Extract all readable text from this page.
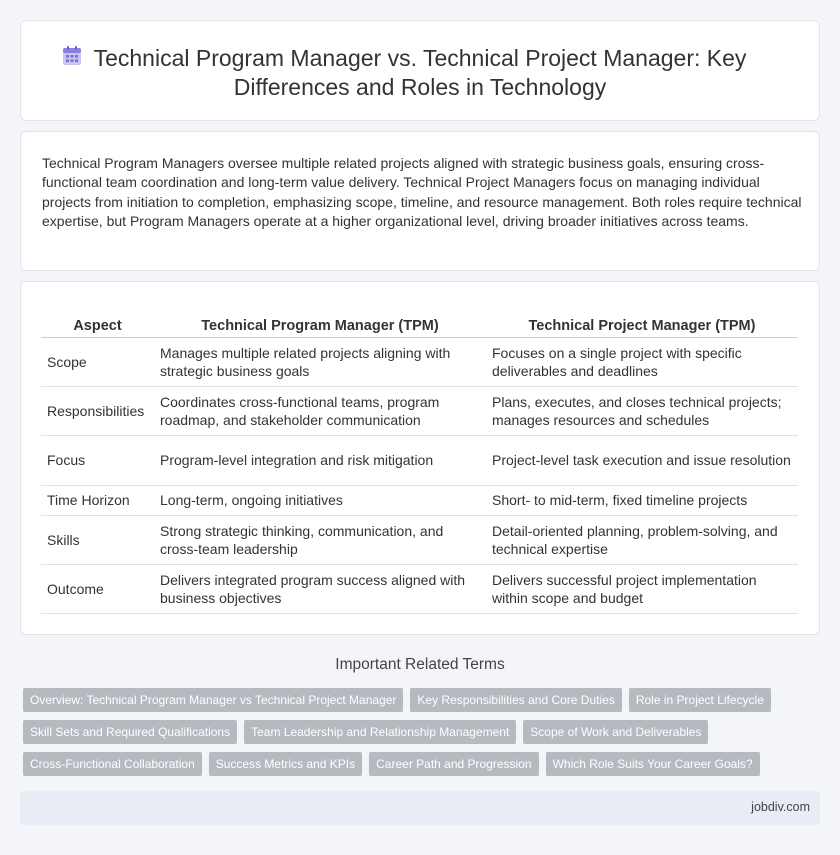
Technical Program Manager vs. Technical Project Manager: Key Differences and Roles in Technology

Technical Program Managers oversee multiple related projects aligned with strategic business goals, ensuring cross-functional team coordination and long-term value delivery. Technical Project Managers focus on managing individual projects from initiation to completion, emphasizing scope, timeline, and resource management. Both roles require technical expertise, but Program Managers operate at a higher organizational level, driving broader initiatives across teams.

Aspect	Technical Program Manager (TPM)	Technical Project Manager (TPM)
Scope	Manages multiple related projects aligning with strategic business goals	Focuses on a single project with specific deliverables and deadlines
Responsibilities	Coordinates cross-functional teams, program roadmap, and stakeholder communication	Plans, executes, and closes technical projects; manages resources and schedules
Focus	Program-level integration and risk mitigation	Project-level task execution and issue resolution
Time Horizon	Long-term, ongoing initiatives	Short- to mid-term, fixed timeline projects
Skills	Strong strategic thinking, communication, and cross-team leadership	Detail-oriented planning, problem-solving, and technical expertise
Outcome	Delivers integrated program success aligned with business objectives	Delivers successful project implementation within scope and budget
Important Related Terms
Overview: Technical Program Manager vs Technical Project Manager	Key Responsibilities and Core Duties	Role in Project Lifecycle
Skill Sets and Required Qualifications	Team Leadership and Relationship Management	Scope of Work and Deliverables
Cross-Functional Collaboration	Success Metrics and KPIs	Career Path and Progression	Which Role Suits Your Career Goals?
jobdiv.com
